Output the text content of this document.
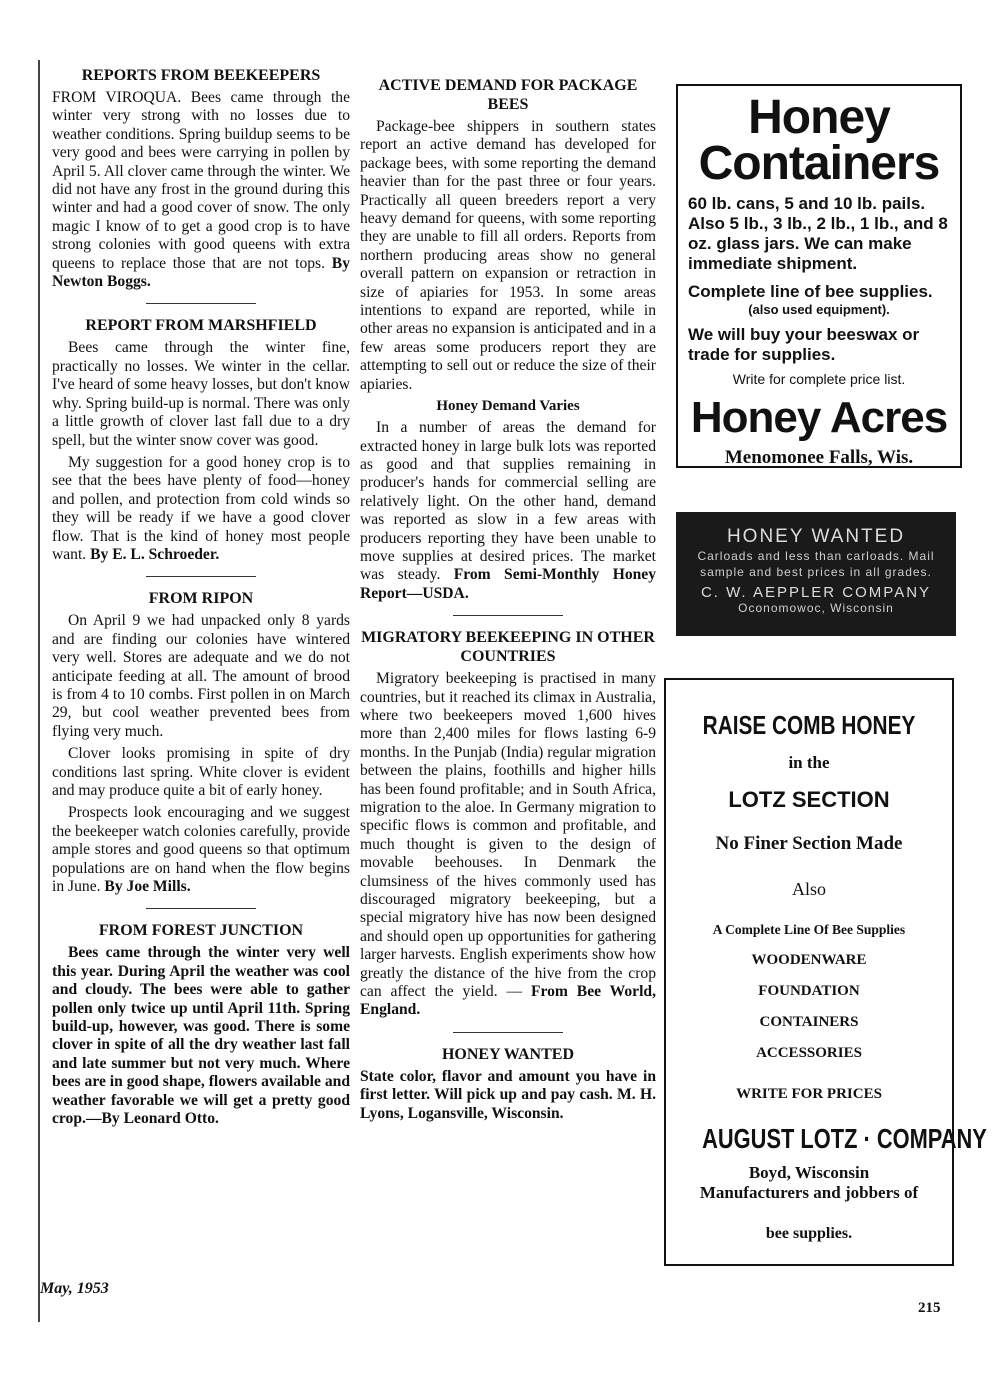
REPORTS FROM BEEKEEPERS

FROM VIROQUA. Bees came through the winter very strong with no losses due to weather conditions. Spring buildup seems to be very good and bees were carrying in pollen by April 5. All clover came through the winter. We did not have any frost in the ground during this winter and had a good cover of snow. The only magic I know of to get a good crop is to have strong colonies with good queens with extra queens to replace those that are not tops. By Newton Boggs.

REPORT FROM MARSHFIELD

Bees came through the winter fine, practically no losses. We winter in the cellar. I've heard of some heavy losses, but don't know why. Spring build-up is normal. There was only a little growth of clover last fall due to a dry spell, but the winter snow cover was good.

My suggestion for a good honey crop is to see that the bees have plenty of food—honey and pollen, and protection from cold winds so they will be ready if we have a good clover flow. That is the kind of honey most people want. By E. L. Schroeder.

FROM RIPON

On April 9 we had unpacked only 8 yards and are finding our colonies have wintered very well. Stores are adequate and we do not anticipate feeding at all. The amount of brood is from 4 to 10 combs. First pollen in on March 29, but cool weather prevented bees from flying very much.

Clover looks promising in spite of dry conditions last spring. White clover is evident and may produce quite a bit of early honey.

Prospects look encouraging and we suggest the beekeeper watch colonies carefully, provide ample stores and good queens so that optimum populations are on hand when the flow begins in June. By Joe Mills.

FROM FOREST JUNCTION

Bees came through the winter very well this year. During April the weather was cool and cloudy. The bees were able to gather pollen only twice up until April 11th. Spring build-up, however, was good. There is some clover in spite of all the dry weather last fall and late summer but not very much. Where bees are in good shape, flowers available and weather favorable we will get a pretty good crop.—By Leonard Otto.

ACTIVE DEMAND FOR PACKAGE BEES

Package-bee shippers in southern states report an active demand has developed for package bees, with some reporting the demand heavier than for the past three or four years. Practically all queen breeders report a very heavy demand for queens, with some reporting they are unable to fill all orders. Reports from northern producing areas show no general overall pattern on expansion or retraction in size of apiaries for 1953. In some areas intentions to expand are reported, while in other areas no expansion is anticipated and in a few areas some producers report they are attempting to sell out or reduce the size of their apiaries.

Honey Demand Varies

In a number of areas the demand for extracted honey in large bulk lots was reported as good and that supplies remaining in producer's hands for commercial selling are relatively light. On the other hand, demand was reported as slow in a few areas with producers reporting they have been unable to move supplies at desired prices. The market was steady. From Semi-Monthly Honey Report—USDA.

MIGRATORY BEEKEEPING IN OTHER COUNTRIES

Migratory beekeeping is practised in many countries, but it reached its climax in Australia, where two beekeepers moved 1,600 hives more than 2,400 miles for flows lasting 6-9 months. In the Punjab (India) regular migration between the plains, foothills and higher hills has been found profitable; and in South Africa, migration to the aloe. In Germany migration to specific flows is common and profitable, and much thought is given to the design of movable beehouses. In Denmark the clumsiness of the hives commonly used has discouraged migratory beekeeping, but a special migratory hive has now been designed and should open up opportunities for gathering larger harvests. English experiments show how greatly the distance of the hive from the crop can affect the yield. — From Bee World, England.

HONEY WANTED

State color, flavor and amount you have in first letter. Will pick up and pay cash. M. H. Lyons, Logansville, Wisconsin.

Honey
Containers
60 lb. cans, 5 and 10 lb. pails. Also 5 lb., 3 lb., 2 lb., 1 lb., and 8 oz. glass jars. We can make immediate shipment.
Complete line of bee supplies.
(also used equipment).
We will buy your beeswax or trade for supplies.
Write for complete price list.
Honey Acres
Menomonee Falls, Wis.
HONEY WANTED
Carloads and less than carloads. Mail sample and best prices in all grades.
C. W. AEPPLER COMPANY
Oconomowoc, Wisconsin
RAISE COMB HONEY
in the
LOTZ SECTION
No Finer Section Made
Also
A Complete Line Of Bee Supplies
WOODENWARE
FOUNDATION
CONTAINERS
ACCESSORIES
WRITE FOR PRICES
AUGUST LOTZ · COMPANY
Boyd, Wisconsin
Manufacturers and jobbers of
bee supplies.
May, 1953
215
